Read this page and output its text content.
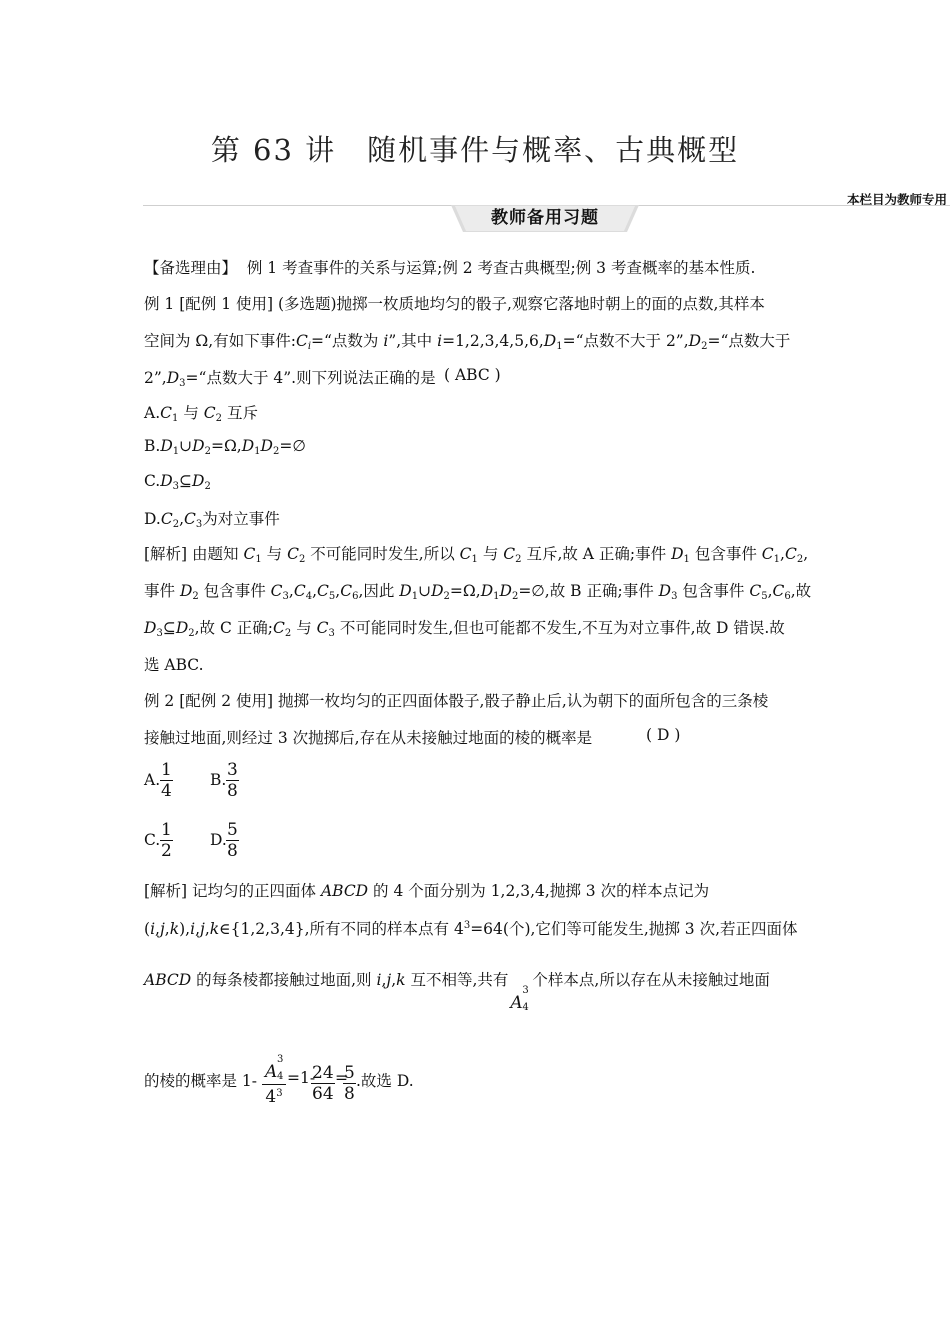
第 63 讲　随机事件与概率、古典概型
本栏目为教师专用
教师备用习题
【备选理由】 例 1 考查事件的关系与运算;例 2 考查古典概型;例 3 考查概率的基本性质.
例 1 [配例 1 使用] (多选题)抛掷一枚质地均匀的骰子,观察它落地时朝上的面的点数,其样本
空间为 Ω,有如下事件$:C_i=“$点数为 i”,其中 $i=1,2,3,4,5,6,D_1=“$点数不大于 $2”,D_2=“$点数大于
$2”,D_3=“$点数大于 4”.则下列说法正确的是 ( ABC )
$A.C_1$ 与 $C_2$ 互斥
$B.D_1\cup D_2=\Omega,D_1D_2=\emptyset$
$C.D_3⊆D_2$
$D.C_2,C_3$为对立事件
[解析] 由题知 $C_1$ 与 $C_2$ 不可能同时发生,所以 $C_1$ 与 $C_2$ 互斥,故 A 正确;事件 $D_1$ 包含事件 $C_1,C_2$,
事件 $D_2$ 包含事件 $C_3,C_4,C_5,C_6$,因此 $D_1\cup D_2=\Omega,D_1D_2=\emptyset$,故 B 正确;事件 $D_3$ 包含事件 $C_5,C_6$,故
$D_3⊆D_2$,故 C 正确$;C_2$ 与 $C_3$ 不可能同时发生,但也可能都不发生,不互为对立事件,故 D 错误.故
选 ABC.
例 2 [配例 2 使用] 抛掷一枚均匀的正四面体骰子,骰子静止后,认为朝下的面所包含的三条棱
接触过地面,则经过 3 次抛掷后,存在从未接触过地面的棱的概率是	( D )
A. $\frac{1}{4} B$. $\frac{3}{8}$
C. $\frac{1}{2} D$. $\frac{5}{8}$
[解析] 记均匀的正四面体 ABCD 的 4 个面分别为 1,2,3,4,抛掷 3 次的样本点记为
(i,j,k),i,j,k∈{1,2,3,4},所有不同的样本点有 $4^3=64$(个),它们等可能发生,抛掷 3 次,若正四面体
ABCD 的每条棱都接触过地面,则 i,j,k 互不相等,共有
A
3
4
个样本点,所以存在从未接触过地面
的棱的概率是 1- A
3
4
$4^3$
=1-
$\frac{24}{64}$ =
$\frac{5}{8}$ .故选 D.
